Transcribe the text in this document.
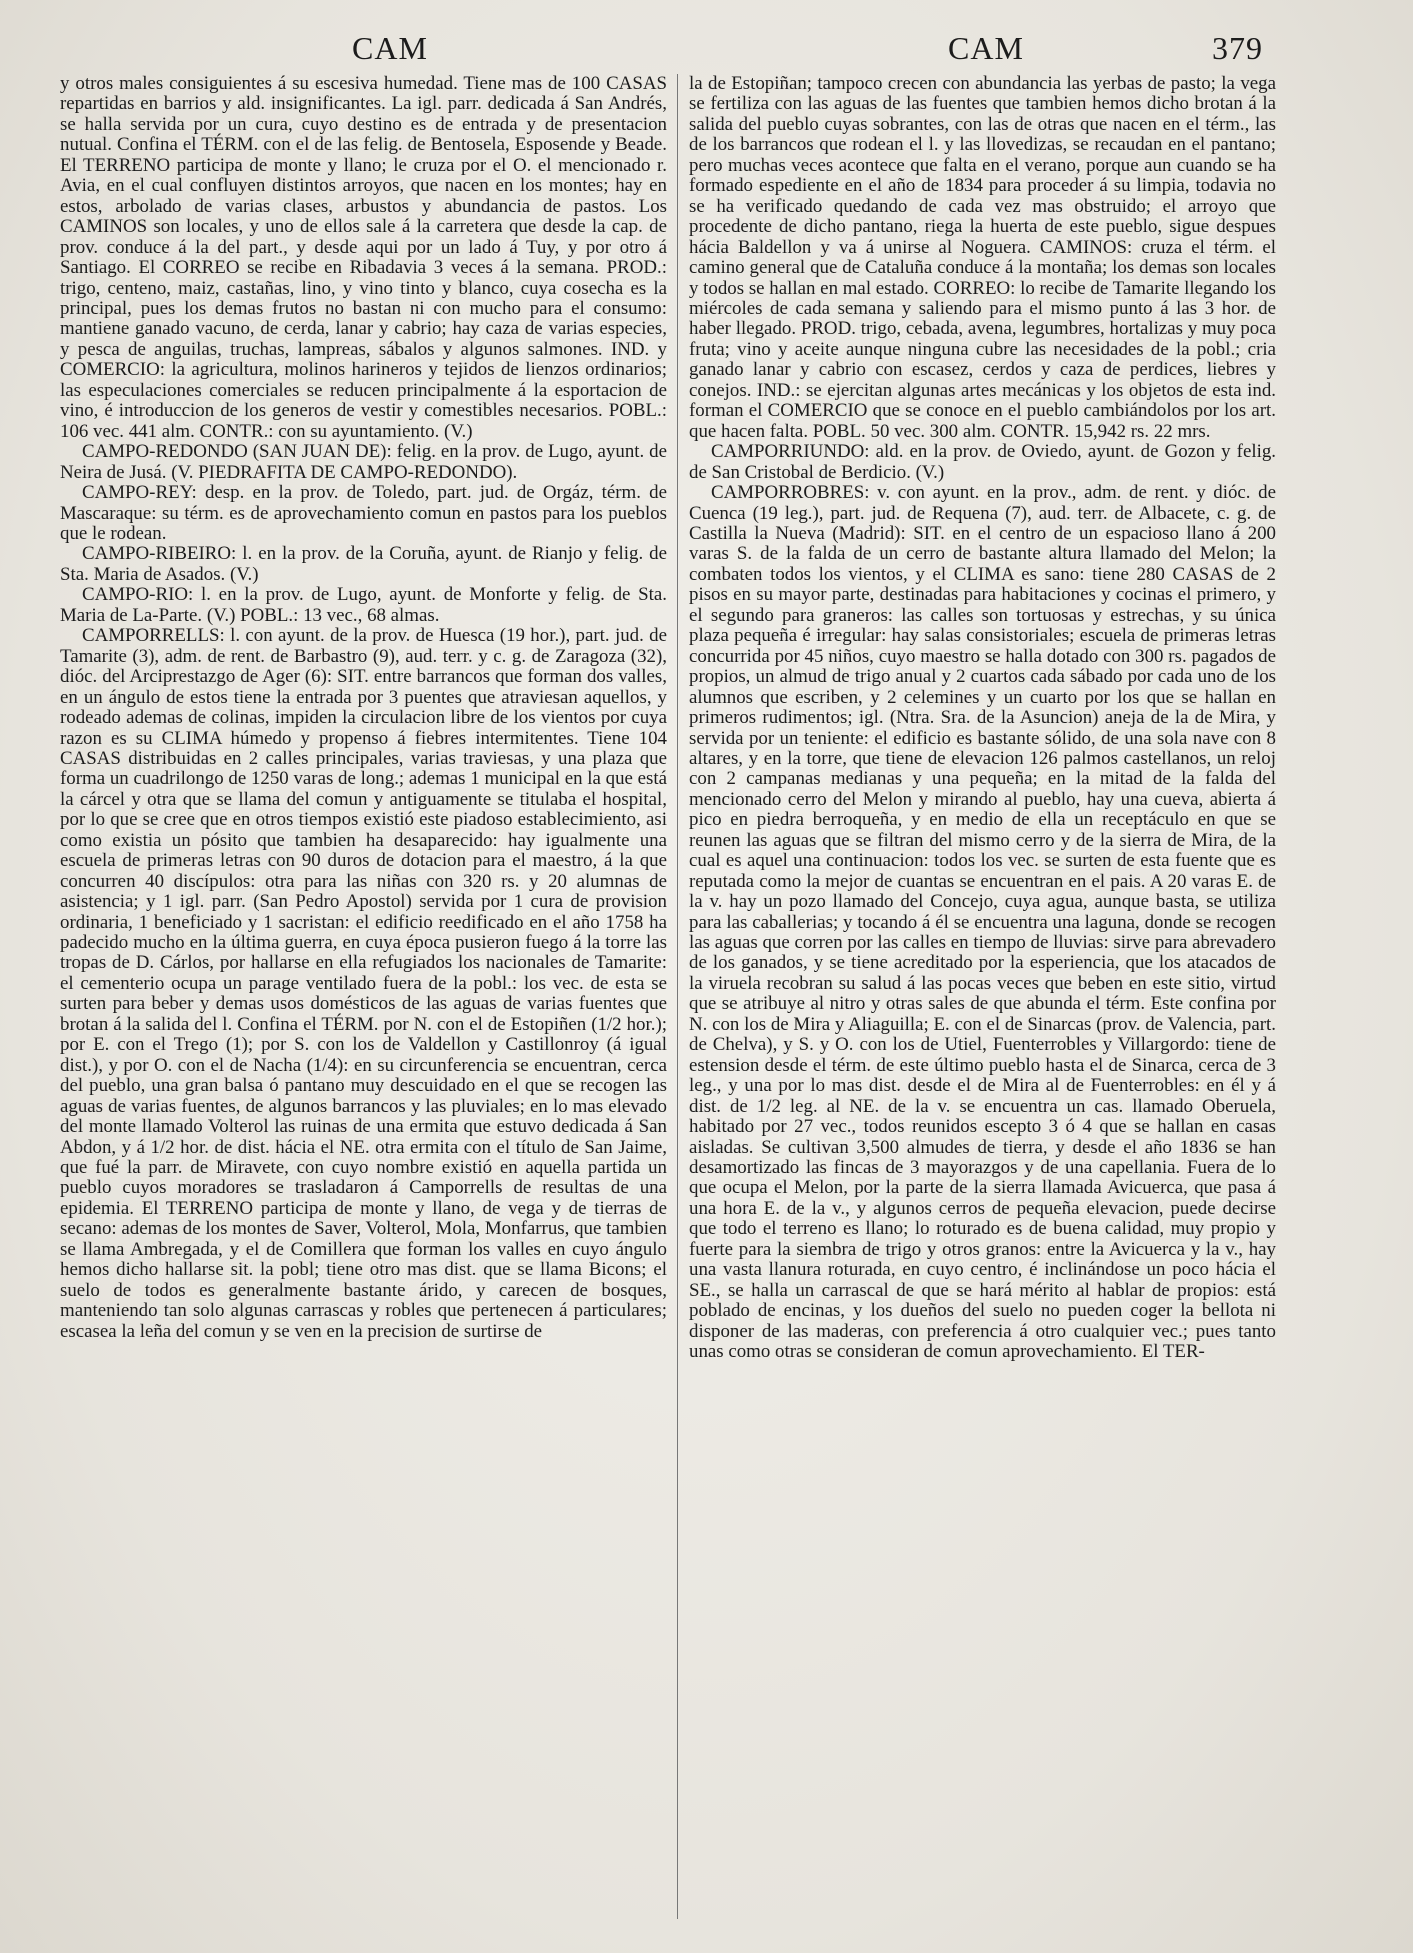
CAM	CAM	379

y otros males consiguientes á su escesiva humedad. Tiene mas de 100 CASAS repartidas en barrios y ald. insignificantes. La igl. parr. dedicada á San Andrés, se halla servida por un cura, cuyo destino es de entrada y de presentacion nutual. Confina el TÉRM. con el de las felig. de Bentosela, Esposende y Beade. El TERRENO participa de monte y llano; le cruza por el O. el mencionado r. Avia, en el cual confluyen distintos arroyos, que nacen en los montes; hay en estos, arbolado de varias clases, arbustos y abundancia de pastos. Los CAMINOS son locales, y uno de ellos sale á la carretera que desde la cap. de prov. conduce á la del part., y desde aqui por un lado á Tuy, y por otro á Santiago. El CORREO se recibe en Ribadavia 3 veces á la semana. PROD.: trigo, centeno, maiz, castañas, lino, y vino tinto y blanco, cuya cosecha es la principal, pues los demas frutos no bastan ni con mucho para el consumo: mantiene ganado vacuno, de cerda, lanar y cabrio; hay caza de varias especies, y pesca de anguilas, truchas, lampreas, sábalos y algunos salmones. IND. y COMERCIO: la agricultura, molinos harineros y tejidos de lienzos ordinarios; las especulaciones comerciales se reducen principalmente á la esportacion de vino, é introduccion de los generos de vestir y comestibles necesarios. POBL.: 106 vec. 441 alm. CONTR.: con su ayuntamiento. (V.)

CAMPO-REDONDO (SAN JUAN DE): felig. en la prov. de Lugo, ayunt. de Neira de Jusá. (V. PIEDRAFITA DE CAMPO-REDONDO).

CAMPO-REY: desp. en la prov. de Toledo, part. jud. de Orgáz, térm. de Mascaraque: su térm. es de aprovechamiento comun en pastos para los pueblos que le rodean.

CAMPO-RIBEIRO: l. en la prov. de la Coruña, ayunt. de Rianjo y felig. de Sta. Maria de Asados. (V.)

CAMPO-RIO: l. en la prov. de Lugo, ayunt. de Monforte y felig. de Sta. Maria de La-Parte. (V.) POBL.: 13 vec., 68 almas.

CAMPORRELLS: l. con ayunt. de la prov. de Huesca (19 hor.), part. jud. de Tamarite (3), adm. de rent. de Barbastro (9), aud. terr. y c. g. de Zaragoza (32), dióc. del Arciprestazgo de Ager (6): SIT. entre barrancos que forman dos valles, en un ángulo de estos tiene la entrada por 3 puentes que atraviesan aquellos, y rodeado ademas de colinas, impiden la circulacion libre de los vientos por cuya razon es su CLIMA húmedo y propenso á fiebres intermitentes. Tiene 104 CASAS distribuidas en 2 calles principales, varias traviesas, y una plaza que forma un cuadrilongo de 1250 varas de long.; ademas 1 municipal en la que está la cárcel y otra que se llama del comun y antiguamente se titulaba el hospital, por lo que se cree que en otros tiempos existió este piadoso establecimiento, asi como existia un pósito que tambien ha desaparecido: hay igualmente una escuela de primeras letras con 90 duros de dotacion para el maestro, á la que concurren 40 discípulos: otra para las niñas con 320 rs. y 20 alumnas de asistencia; y 1 igl. parr. (San Pedro Apostol) servida por 1 cura de provision ordinaria, 1 beneficiado y 1 sacristan: el edificio reedificado en el año 1758 ha padecido mucho en la última guerra, en cuya época pusieron fuego á la torre las tropas de D. Cárlos, por hallarse en ella refugiados los nacionales de Tamarite: el cementerio ocupa un parage ventilado fuera de la pobl.: los vec. de esta se surten para beber y demas usos domésticos de las aguas de varias fuentes que brotan á la salida del l. Confina el TÉRM. por N. con el de Estopiñen (1/2 hor.); por E. con el Trego (1); por S. con los de Valdellon y Castillonroy (á igual dist.), y por O. con el de Nacha (1/4): en su circunferencia se encuentran, cerca del pueblo, una gran balsa ó pantano muy descuidado en el que se recogen las aguas de varias fuentes, de algunos barrancos y las pluviales; en lo mas elevado del monte llamado Volterol las ruinas de una ermita que estuvo dedicada á San Abdon, y á 1/2 hor. de dist. hácia el NE. otra ermita con el título de San Jaime, que fué la parr. de Miravete, con cuyo nombre existió en aquella partida un pueblo cuyos moradores se trasladaron á Camporrells de resultas de una epidemia. El TERRENO participa de monte y llano, de vega y de tierras de secano: ademas de los montes de Saver, Volterol, Mola, Monfarrus, que tambien se llama Ambregada, y el de Comillera que forman los valles en cuyo ángulo hemos dicho hallarse sit. la pobl; tiene otro mas dist. que se llama Bicons; el suelo de todos es generalmente bastante árido, y carecen de bosques, manteniendo tan solo algunas carrascas y robles que pertenecen á particulares; escasea la leña del comun y se ven en la precision de surtirse de

la de Estopiñan; tampoco crecen con abundancia las yerbas de pasto; la vega se fertiliza con las aguas de las fuentes que tambien hemos dicho brotan á la salida del pueblo cuyas sobrantes, con las de otras que nacen en el térm., las de los barrancos que rodean el l. y las llovedizas, se recaudan en el pantano; pero muchas veces acontece que falta en el verano, porque aun cuando se ha formado espediente en el año de 1834 para proceder á su limpia, todavia no se ha verificado quedando de cada vez mas obstruido; el arroyo que procedente de dicho pantano, riega la huerta de este pueblo, sigue despues hácia Baldellon y va á unirse al Noguera. CAMINOS: cruza el térm. el camino general que de Cataluña conduce á la montaña; los demas son locales y todos se hallan en mal estado. CORREO: lo recibe de Tamarite llegando los miércoles de cada semana y saliendo para el mismo punto á las 3 hor. de haber llegado. PROD. trigo, cebada, avena, legumbres, hortalizas y muy poca fruta; vino y aceite aunque ninguna cubre las necesidades de la pobl.; cria ganado lanar y cabrio con escasez, cerdos y caza de perdices, liebres y conejos. IND.: se ejercitan algunas artes mecánicas y los objetos de esta ind. forman el COMERCIO que se conoce en el pueblo cambiándolos por los art. que hacen falta. POBL. 50 vec. 300 alm. CONTR. 15,942 rs. 22 mrs.

CAMPORRIUNDO: ald. en la prov. de Oviedo, ayunt. de Gozon y felig. de San Cristobal de Berdicio. (V.)

CAMPORROBRES: v. con ayunt. en la prov., adm. de rent. y dióc. de Cuenca (19 leg.), part. jud. de Requena (7), aud. terr. de Albacete, c. g. de Castilla la Nueva (Madrid): SIT. en el centro de un espacioso llano á 200 varas S. de la falda de un cerro de bastante altura llamado del Melon; la combaten todos los vientos, y el CLIMA es sano: tiene 280 CASAS de 2 pisos en su mayor parte, destinadas para habitaciones y cocinas el primero, y el segundo para graneros: las calles son tortuosas y estrechas, y su única plaza pequeña é irregular: hay salas consistoriales; escuela de primeras letras concurrida por 45 niños, cuyo maestro se halla dotado con 300 rs. pagados de propios, un almud de trigo anual y 2 cuartos cada sábado por cada uno de los alumnos que escriben, y 2 celemines y un cuarto por los que se hallan en primeros rudimentos; igl. (Ntra. Sra. de la Asuncion) aneja de la de Mira, y servida por un teniente: el edificio es bastante sólido, de una sola nave con 8 altares, y en la torre, que tiene de elevacion 126 palmos castellanos, un reloj con 2 campanas medianas y una pequeña; en la mitad de la falda del mencionado cerro del Melon y mirando al pueblo, hay una cueva, abierta á pico en piedra berroqueña, y en medio de ella un receptáculo en que se reunen las aguas que se filtran del mismo cerro y de la sierra de Mira, de la cual es aquel una continuacion: todos los vec. se surten de esta fuente que es reputada como la mejor de cuantas se encuentran en el pais. A 20 varas E. de la v. hay un pozo llamado del Concejo, cuya agua, aunque basta, se utiliza para las caballerias; y tocando á él se encuentra una laguna, donde se recogen las aguas que corren por las calles en tiempo de lluvias: sirve para abrevadero de los ganados, y se tiene acreditado por la esperiencia, que los atacados de la viruela recobran su salud á las pocas veces que beben en este sitio, virtud que se atribuye al nitro y otras sales de que abunda el térm. Este confina por N. con los de Mira y Aliaguilla; E. con el de Sinarcas (prov. de Valencia, part. de Chelva), y S. y O. con los de Utiel, Fuenterrobles y Villargordo: tiene de estension desde el térm. de este último pueblo hasta el de Sinarca, cerca de 3 leg., y una por lo mas dist. desde el de Mira al de Fuenterrobles: en él y á dist. de 1/2 leg. al NE. de la v. se encuentra un cas. llamado Oberuela, habitado por 27 vec., todos reunidos escepto 3 ó 4 que se hallan en casas aisladas. Se cultivan 3,500 almudes de tierra, y desde el año 1836 se han desamortizado las fincas de 3 mayorazgos y de una capellania. Fuera de lo que ocupa el Melon, por la parte de la sierra llamada Avicuerca, que pasa á una hora E. de la v., y algunos cerros de pequeña elevacion, puede decirse que todo el terreno es llano; lo roturado es de buena calidad, muy propio y fuerte para la siembra de trigo y otros granos: entre la Avicuerca y la v., hay una vasta llanura roturada, en cuyo centro, é inclinándose un poco hácia el SE., se halla un carrascal de que se hará mérito al hablar de propios: está poblado de encinas, y los dueños del suelo no pueden coger la bellota ni disponer de las maderas, con preferencia á otro cualquier vec.; pues tanto unas como otras se consideran de comun aprovechamiento. El TER-
